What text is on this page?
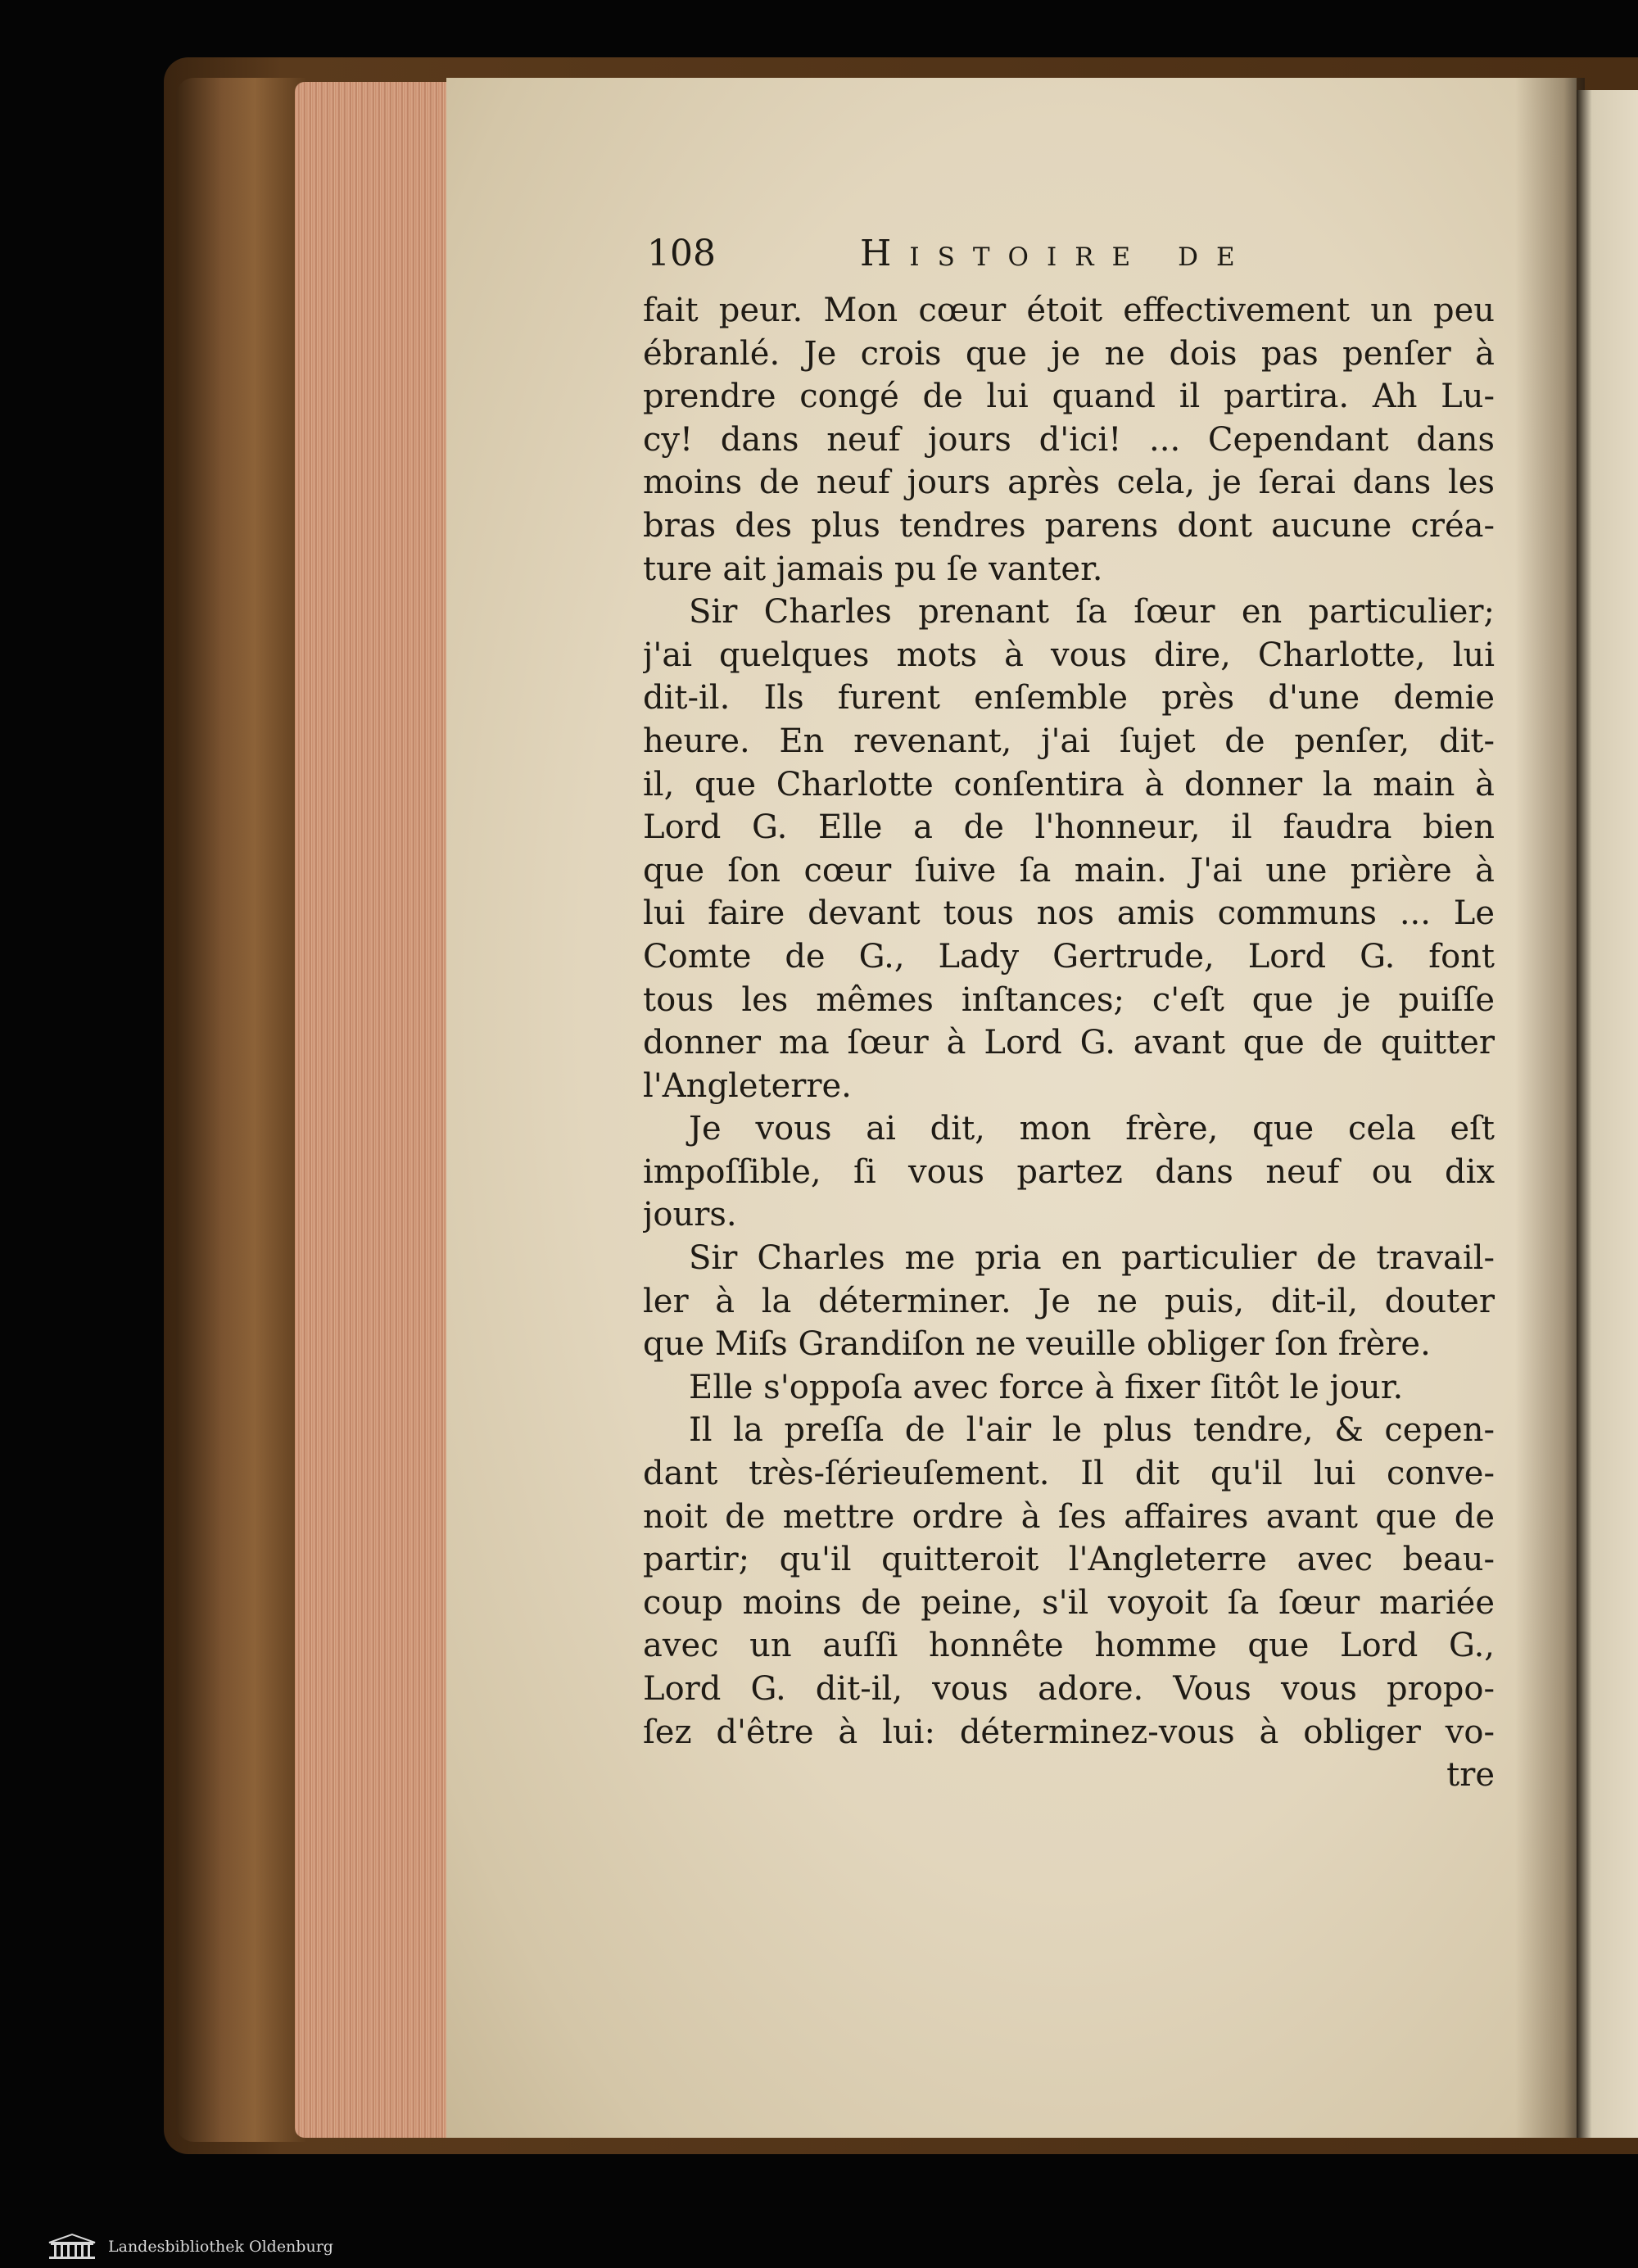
108	Histoire de
fait peur. Mon cœur étoit effectivement un peu
ébranlé. Je crois que je ne dois pas penſer à
prendre congé de lui quand il partira. Ah Lu-
cy! dans neuf jours d'ici! ... Cependant dans
moins de neuf jours après cela, je ſerai dans les
bras des plus tendres parens dont aucune créa-
ture ait jamais pu ſe vanter.
Sir Charles prenant ſa ſœur en particulier;
j'ai quelques mots à vous dire, Charlotte, lui
dit-il. Ils furent enſemble près d'une demie
heure. En revenant, j'ai ſujet de penſer, dit-
il, que Charlotte conſentira à donner la main à
Lord G. Elle a de l'honneur, il faudra bien
que ſon cœur ſuive ſa main. J'ai une prière à
lui faire devant tous nos amis communs ... Le
Comte de G., Lady Gertrude, Lord G. font
tous les mêmes inſtances; c'eſt que je puiſſe
donner ma ſœur à Lord G. avant que de quitter
l'Angleterre.
Je vous ai dit, mon frère, que cela eſt
impoſſible, ſi vous partez dans neuf ou dix
jours.
Sir Charles me pria en particulier de travail-
ler à la déterminer. Je ne puis, dit-il, douter
que Miſs Grandiſon ne veuille obliger ſon frère.
Elle s'oppoſa avec force à fixer ſitôt le jour.
Il la preſſa de l'air le plus tendre, & cepen-
dant très-ſérieuſement. Il dit qu'il lui conve-
noit de mettre ordre à ſes affaires avant que de
partir; qu'il quitteroit l'Angleterre avec beau-
coup moins de peine, s'il voyoit ſa ſœur mariée
avec un auſſi honnête homme que Lord G.,
Lord G. dit-il, vous adore. Vous vous propo-
ſez d'être à lui: déterminez-vous à obliger vo-
tre
Landesbibliothek Oldenburg
